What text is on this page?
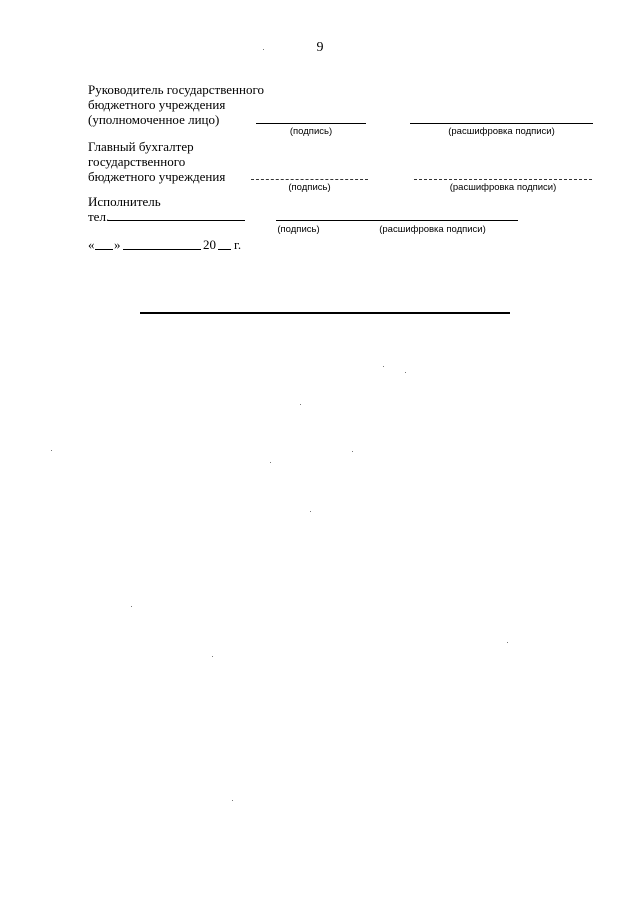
9
Руководитель государственного
бюджетного учреждения
(уполномоченное лицо)
(подпись)	(расшифровка подписи)
Главный бухгалтер
государственного
бюджетного учреждения
(подпись)	(расшифровка подписи)
Исполнитель
тел.
(подпись)	(расшифровка подписи)
« »	20 г.
